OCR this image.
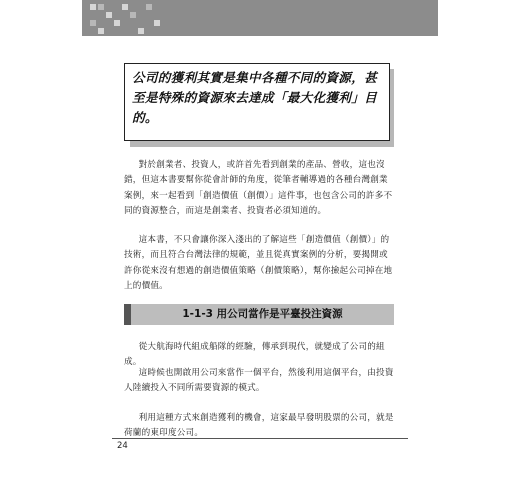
公司的獲利其實是集中各種不同的資源，甚至是特殊的資源來去達成「最大化獲利」目的。

對於創業者、投資人，或許首先看到創業的產品、營收，這也沒錯，但這本書要幫你從會計師的角度，從筆者輔導過的各種台灣創業案例，來一起看到「創造價值（創價）」這件事，也包含公司的許多不同的資源整合，而這是創業者、投資者必須知道的。

這本書，不只會讓你深入淺出的了解這些「創造價值（創價）」的技術，而且符合台灣法律的規範，並且從真實案例的分析，要揭開或許你從來沒有想過的創造價值策略（創價策略），幫你撿起公司掉在地上的價值。

1-1-3 用公司當作是平臺投注資源

從大航海時代組成船隊的經驗，傳承到現代，就變成了公司的組成。

這時候也開啟用公司來當作一個平台，然後利用這個平台，由投資人陸續投入不同所需要資源的模式。

利用這種方式來創造獲利的機會，這家最早發明股票的公司，就是荷蘭的東印度公司。

24
